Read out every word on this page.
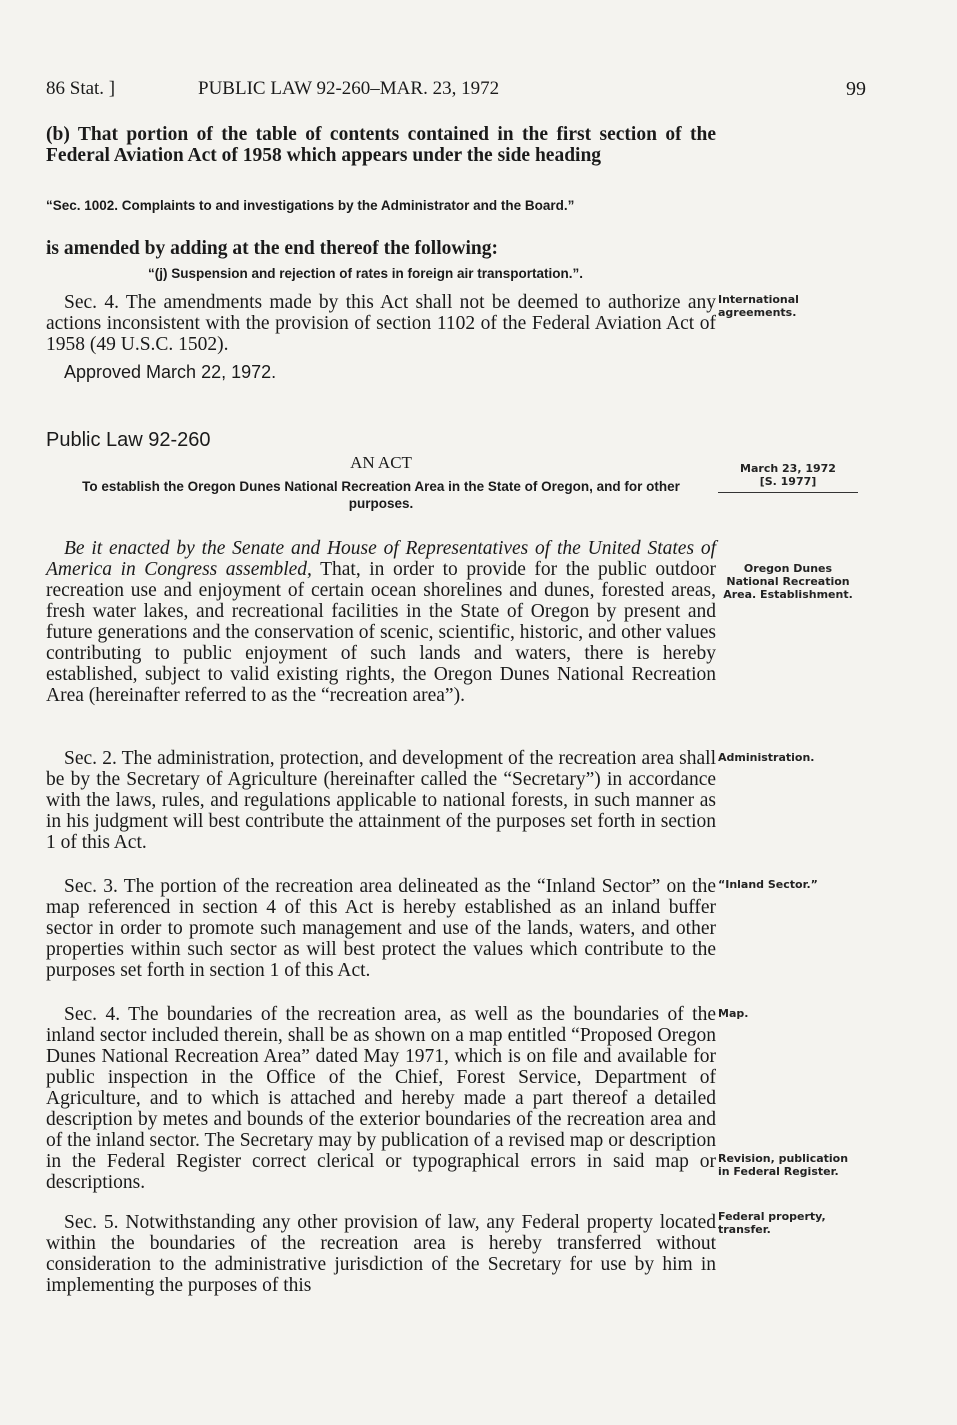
86 Stat. ]	PUBLIC LAW 92-260–MAR. 23, 1972	99

(b) That portion of the table of contents contained in the first section of the Federal Aviation Act of 1958 which appears under the side heading

“Sec. 1002. Complaints to and investigations by the Administrator and the Board.”

is amended by adding at the end thereof the following:

“(j) Suspension and rejection of rates in foreign air transportation.”.

Sec. 4. The amendments made by this Act shall not be deemed to authorize any actions inconsistent with the provision of section 1102 of the Federal Aviation Act of 1958 (49 U.S.C. 1502).

International agreements.

Approved March 22, 1972.

Public Law 92-260

AN ACT	March 23, 1972
[S. 1977]

To establish the Oregon Dunes National Recreation Area in the State of Oregon, and for other purposes.

Be it enacted by the Senate and House of Representatives of the United States of America in Congress assembled, That, in order to provide for the public outdoor recreation use and enjoyment of certain ocean shorelines and dunes, forested areas, fresh water lakes, and recreational facilities in the State of Oregon by present and future generations and the conservation of scenic, scientific, historic, and other values contributing to public enjoyment of such lands and waters, there is hereby established, subject to valid existing rights, the Oregon Dunes National Recreation Area (hereinafter referred to as the “recreation area”).

Oregon Dunes National Recreation Area. Establishment.

Sec. 2. The administration, protection, and development of the recreation area shall be by the Secretary of Agriculture (hereinafter called the “Secretary”) in accordance with the laws, rules, and regulations applicable to national forests, in such manner as in his judgment will best contribute the attainment of the purposes set forth in section 1 of this Act.

Administration.

Sec. 3. The portion of the recreation area delineated as the “Inland Sector” on the map referenced in section 4 of this Act is hereby established as an inland buffer sector in order to promote such management and use of the lands, waters, and other properties within such sector as will best protect the values which contribute to the purposes set forth in section 1 of this Act.

“Inland Sector.”

Sec. 4. The boundaries of the recreation area, as well as the boundaries of the inland sector included therein, shall be as shown on a map entitled “Proposed Oregon Dunes National Recreation Area” dated May 1971, which is on file and available for public inspection in the Office of the Chief, Forest Service, Department of Agriculture, and to which is attached and hereby made a part thereof a detailed description by metes and bounds of the exterior boundaries of the recreation area and of the inland sector. The Secretary may by publication of a revised map or description in the Federal Register correct clerical or typographical errors in said map or descriptions.

Map.
Revision, publication in Federal Register.

Sec. 5. Notwithstanding any other provision of law, any Federal property located within the boundaries of the recreation area is hereby transferred without consideration to the administrative jurisdiction of the Secretary for use by him in implementing the purposes of this

Federal property, transfer.
